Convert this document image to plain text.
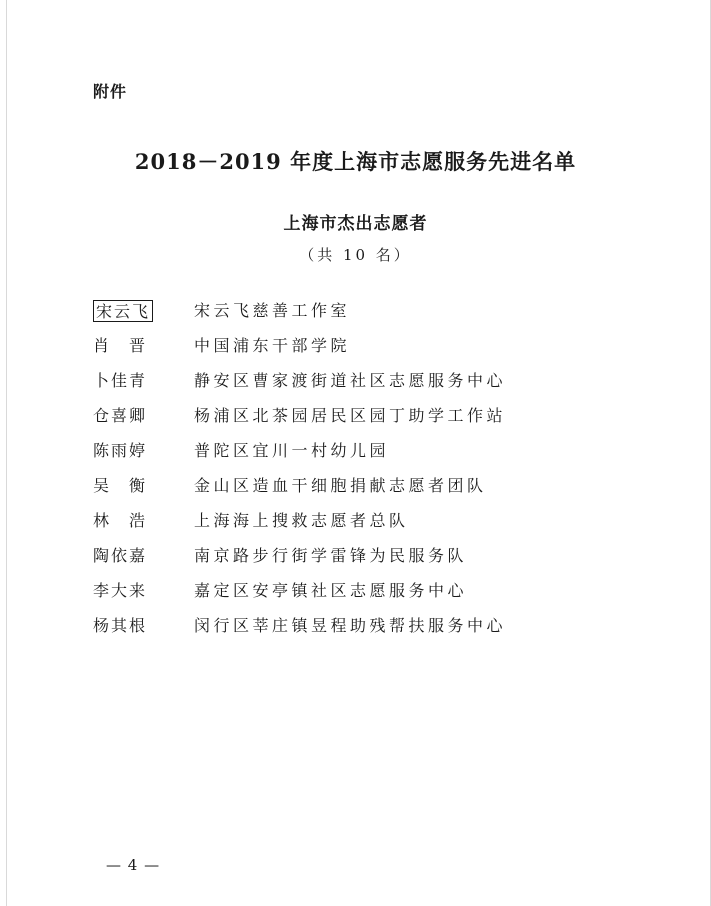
附件
2018－2019 年度上海市志愿服务先进名单
上海市杰出志愿者
（共 10 名）
宋云飞	宋云飞慈善工作室
肖　晋	中国浦东干部学院
卜佳青	静安区曹家渡街道社区志愿服务中心
仓喜卿	杨浦区北茶园居民区园丁助学工作站
陈雨婷	普陀区宜川一村幼儿园
吴　衡	金山区造血干细胞捐献志愿者团队
林　浩	上海海上搜救志愿者总队
陶依嘉	南京路步行街学雷锋为民服务队
李大来	嘉定区安亭镇社区志愿服务中心
杨其根	闵行区莘庄镇昱程助残帮扶服务中心
— 4 —
